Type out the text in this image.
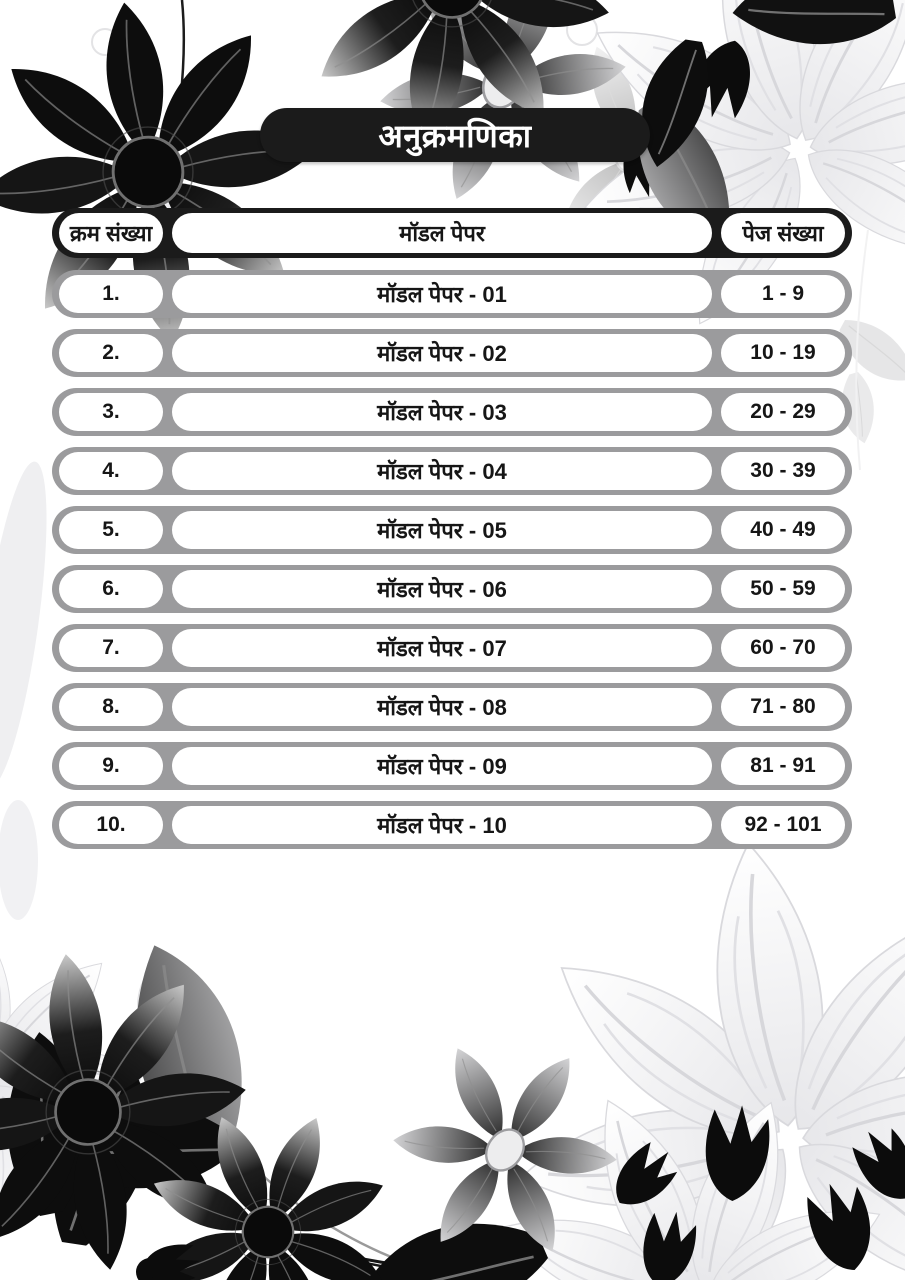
अनुक्रमणिका
क्रम संख्या	मॉडल पेपर	पेज संख्या
1.	मॉडल पेपर - 01	1 - 9
2.	मॉडल पेपर - 02	10 - 19
3.	मॉडल पेपर - 03	20 - 29
4.	मॉडल पेपर - 04	30 - 39
5.	मॉडल पेपर - 05	40 - 49
6.	मॉडल पेपर - 06	50 - 59
7.	मॉडल पेपर - 07	60 - 70
8.	मॉडल पेपर - 08	71 - 80
9.	मॉडल पेपर - 09	81 - 91
10.	मॉडल पेपर - 10	92 - 101
